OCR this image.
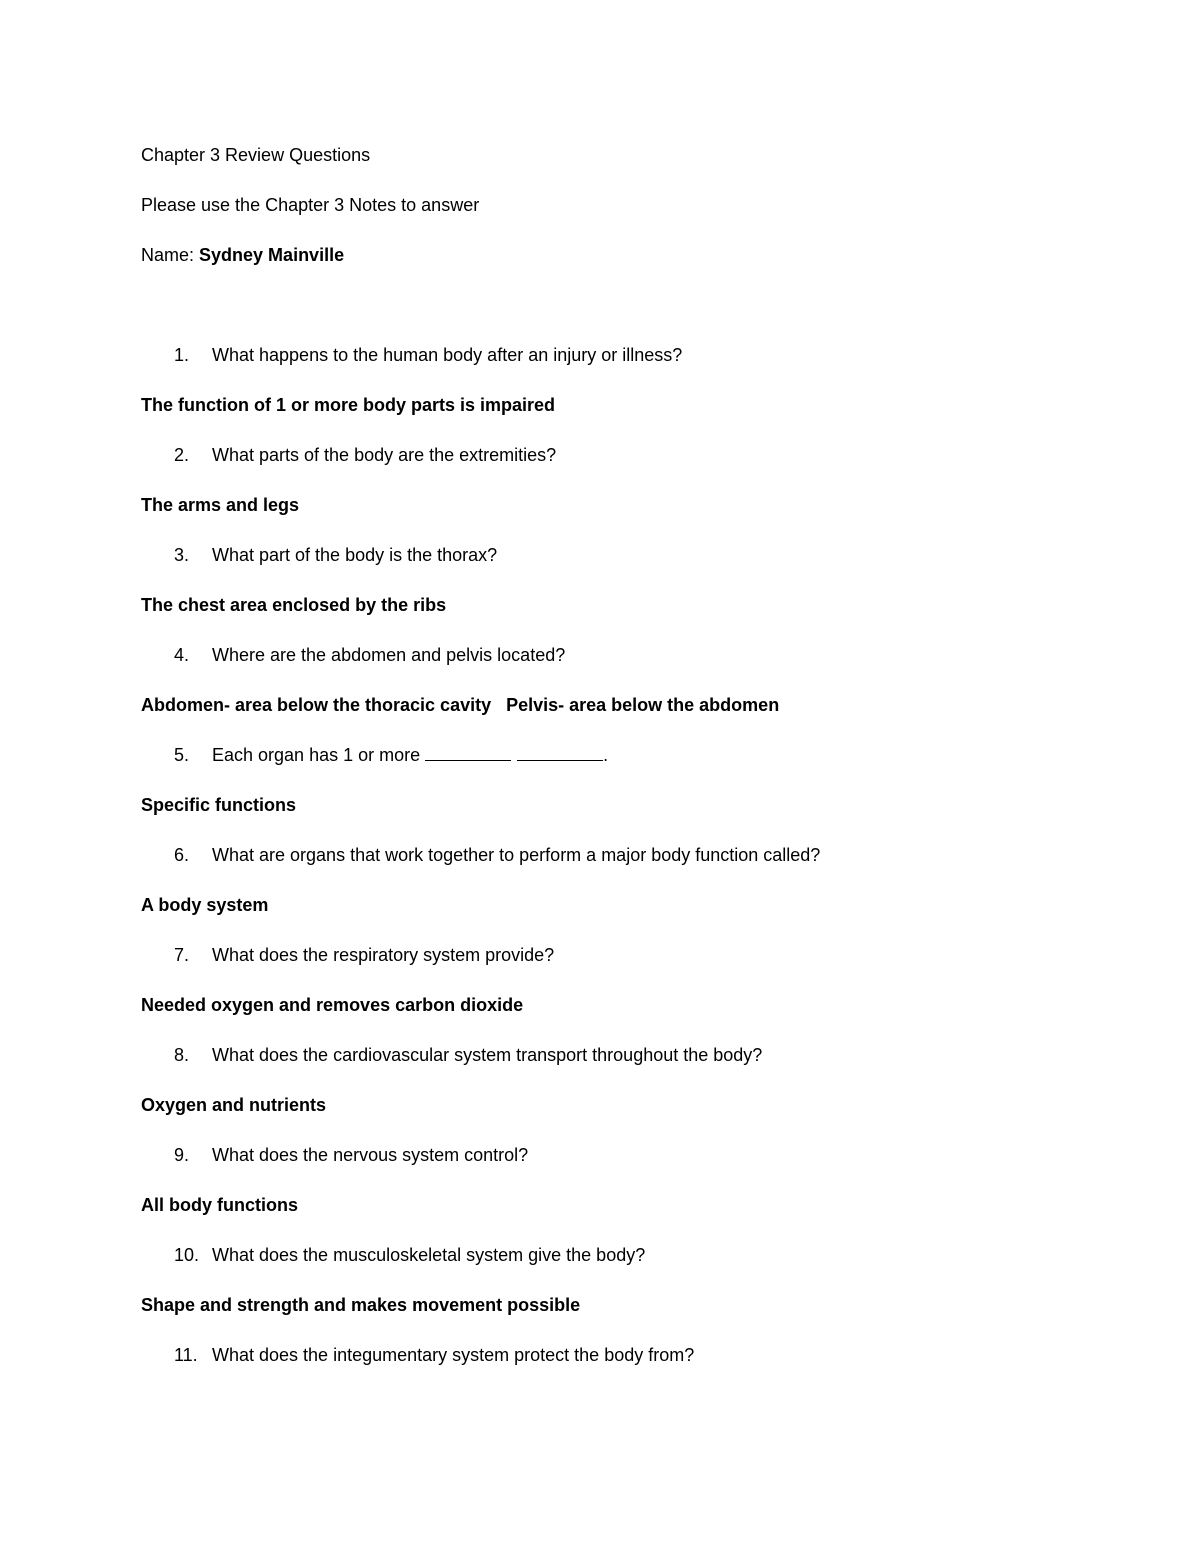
Chapter 3 Review Questions
Please use the Chapter 3 Notes to answer
Name: Sydney Mainville
1. What happens to the human body after an injury or illness?
The function of 1 or more body parts is impaired
2. What parts of the body are the extremities?
The arms and legs
3. What part of the body is the thorax?
The chest area enclosed by the ribs
4. Where are the abdomen and pelvis located?
Abdomen- area below the thoracic cavity   Pelvis- area below the abdomen
5. Each organ has 1 or more	.
Specific functions
6. What are organs that work together to perform a major body function called?
A body system
7. What does the respiratory system provide?
Needed oxygen and removes carbon dioxide
8. What does the cardiovascular system transport throughout the body?
Oxygen and nutrients
9. What does the nervous system control?
All body functions
10. What does the musculoskeletal system give the body?
Shape and strength and makes movement possible
11. What does the integumentary system protect the body from?
